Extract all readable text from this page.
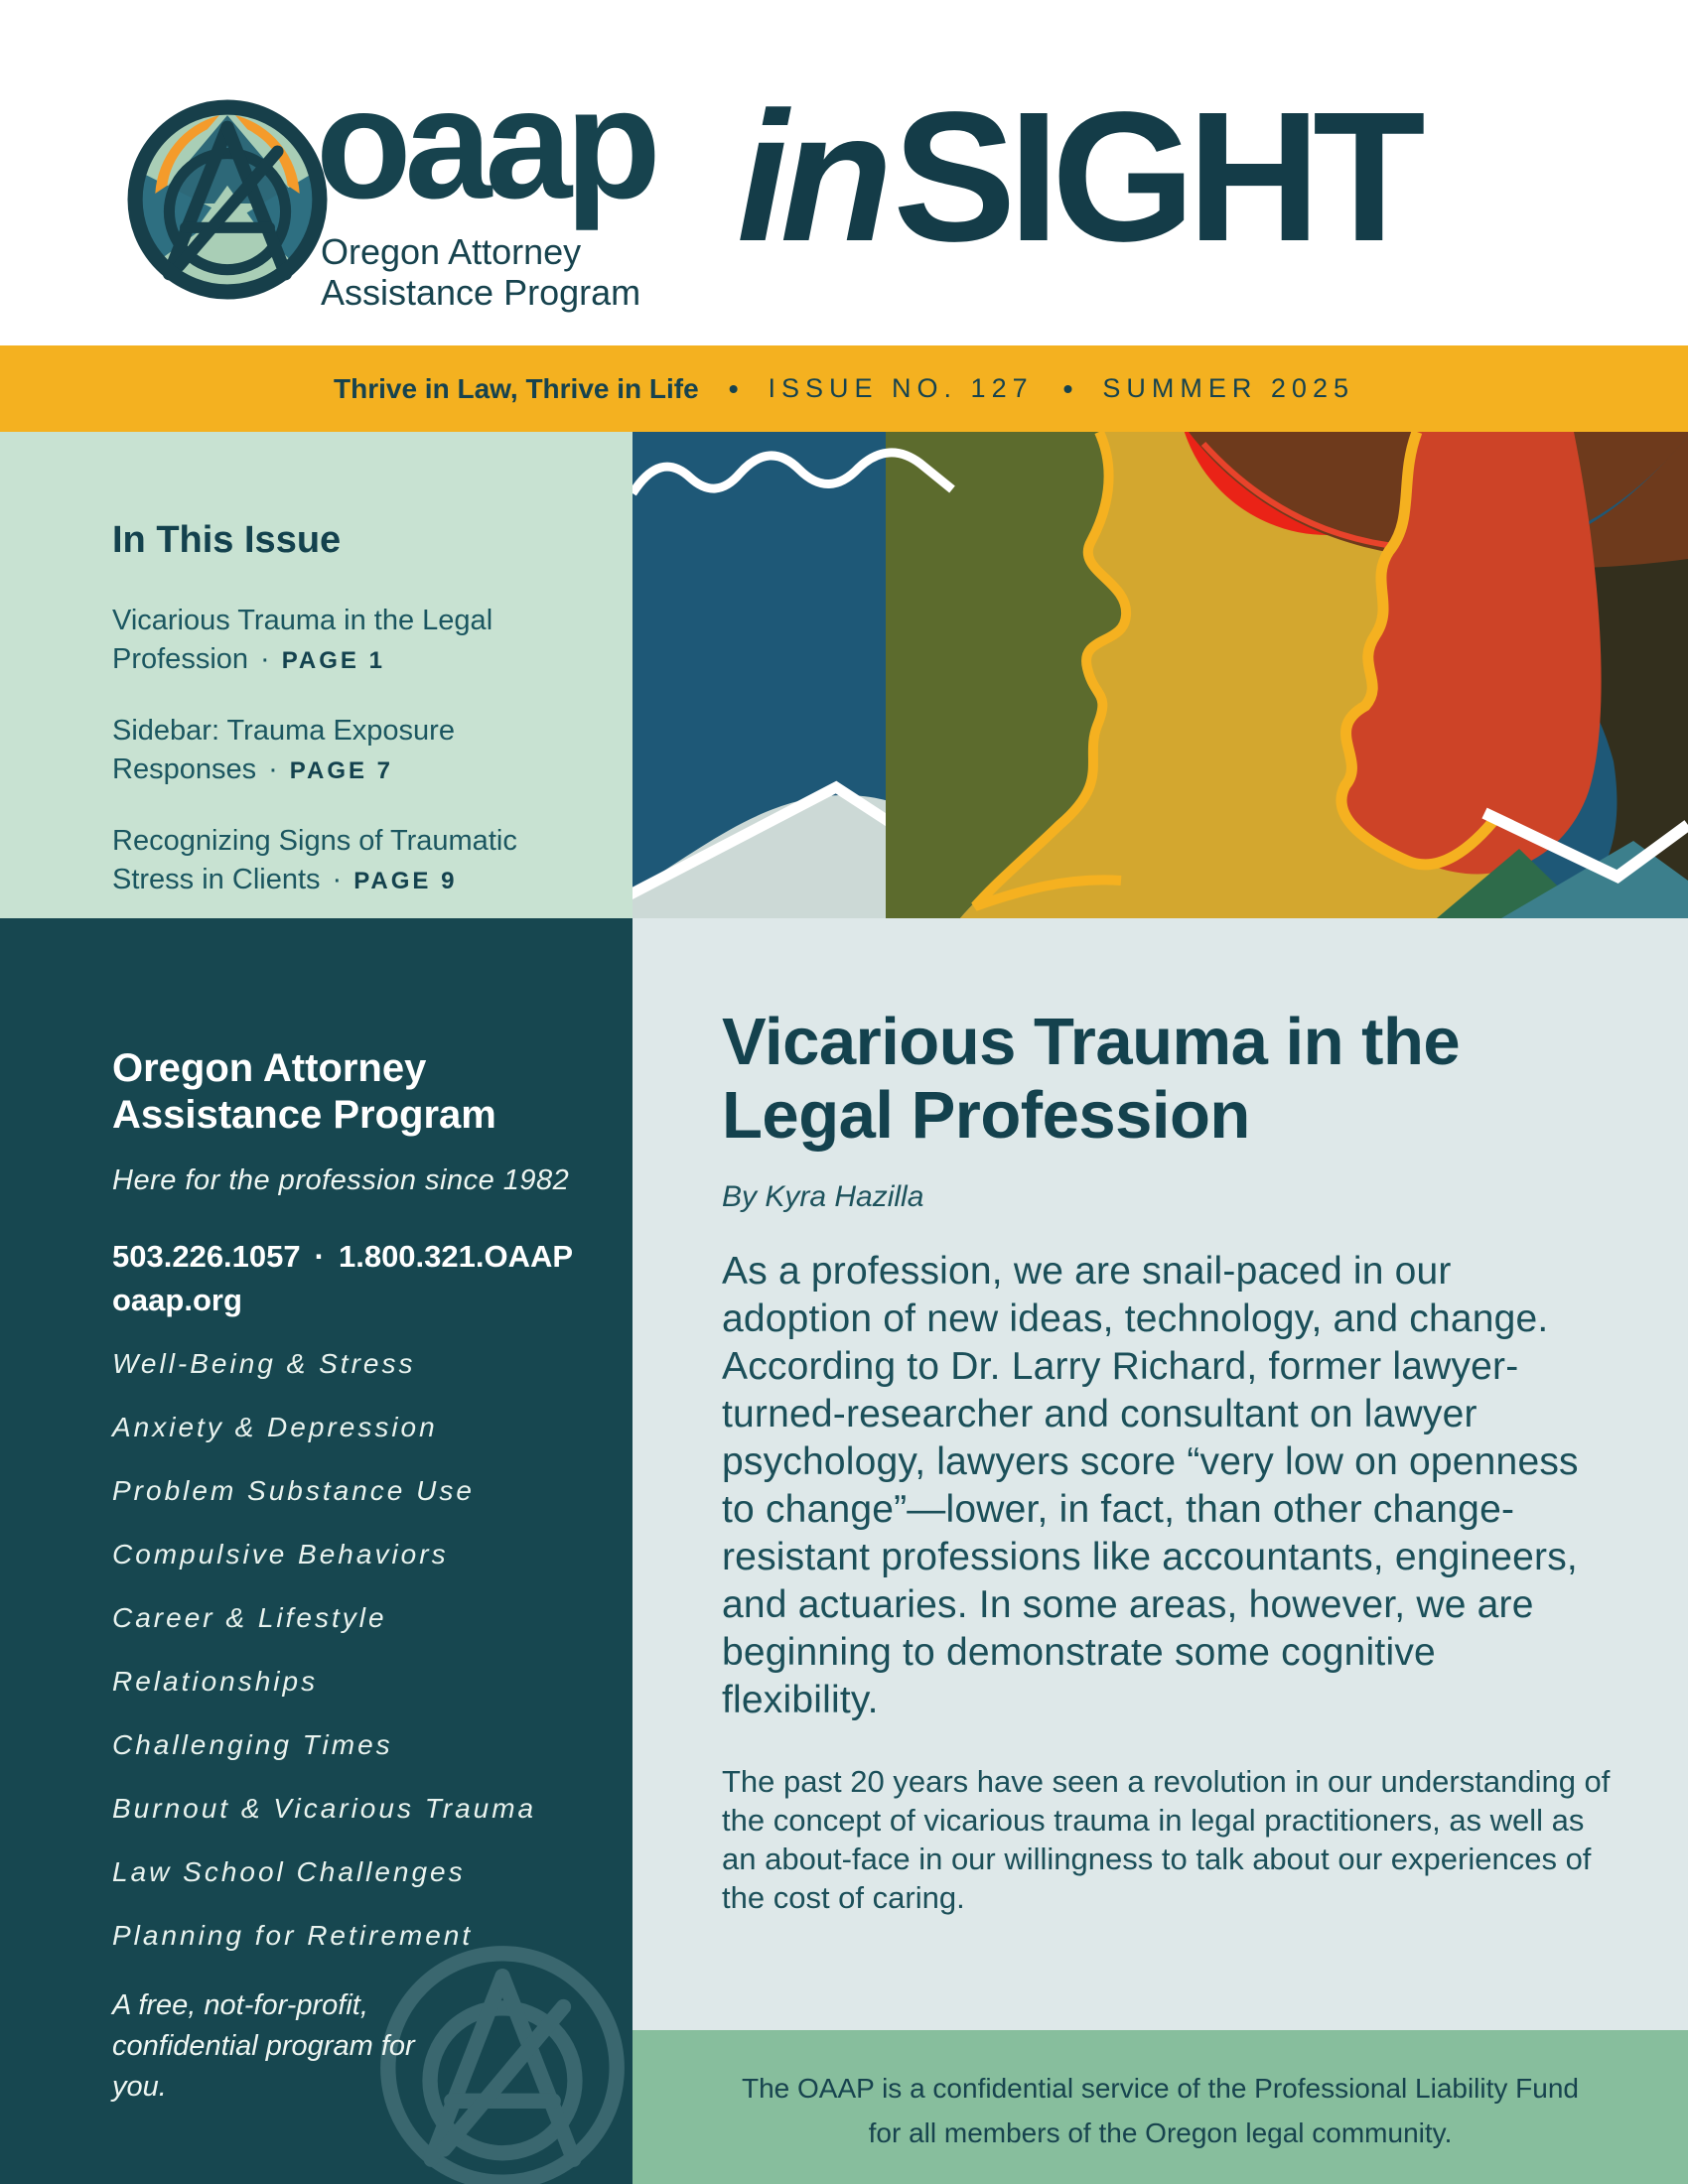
oaap
Oregon Attorney
Assistance Program
inSIGHT
Thrive in Law, Thrive in Life • ISSUE NO. 127 • SUMMER 2025
In This Issue
Vicarious Trauma in the Legal Profession · PAGE 1
Sidebar: Trauma Exposure Responses · PAGE 7
Recognizing Signs of Traumatic Stress in Clients · PAGE 9
Oregon Attorney Assistance Program
Here for the profession since 1982
503.226.1057 · 1.800.321.OAAP
oaap.org
Well-Being & Stress
Anxiety & Depression
Problem Substance Use
Compulsive Behaviors
Career & Lifestyle
Relationships
Challenging Times
Burnout & Vicarious Trauma
Law School Challenges
Planning for Retirement
A free, not-for-profit, confidential program for you.
Vicarious Trauma in the Legal Profession
By Kyra Hazilla

As a profession, we are snail-paced in our adoption of new ideas, technology, and change. According to Dr. Larry Richard, former lawyer-turned-researcher and consultant on lawyer psychology, lawyers score “very low on openness to change”—lower, in fact, than other change-resistant professions like accountants, engineers, and actuaries. In some areas, however, we are beginning to demonstrate some cognitive flexibility.

The past 20 years have seen a revolution in our understanding of the concept of vicarious trauma in legal practitioners, as well as an about-face in our willingness to talk about our experiences of the cost of caring.

The OAAP is a confidential service of the Professional Liability Fund

for all members of the Oregon legal community.
